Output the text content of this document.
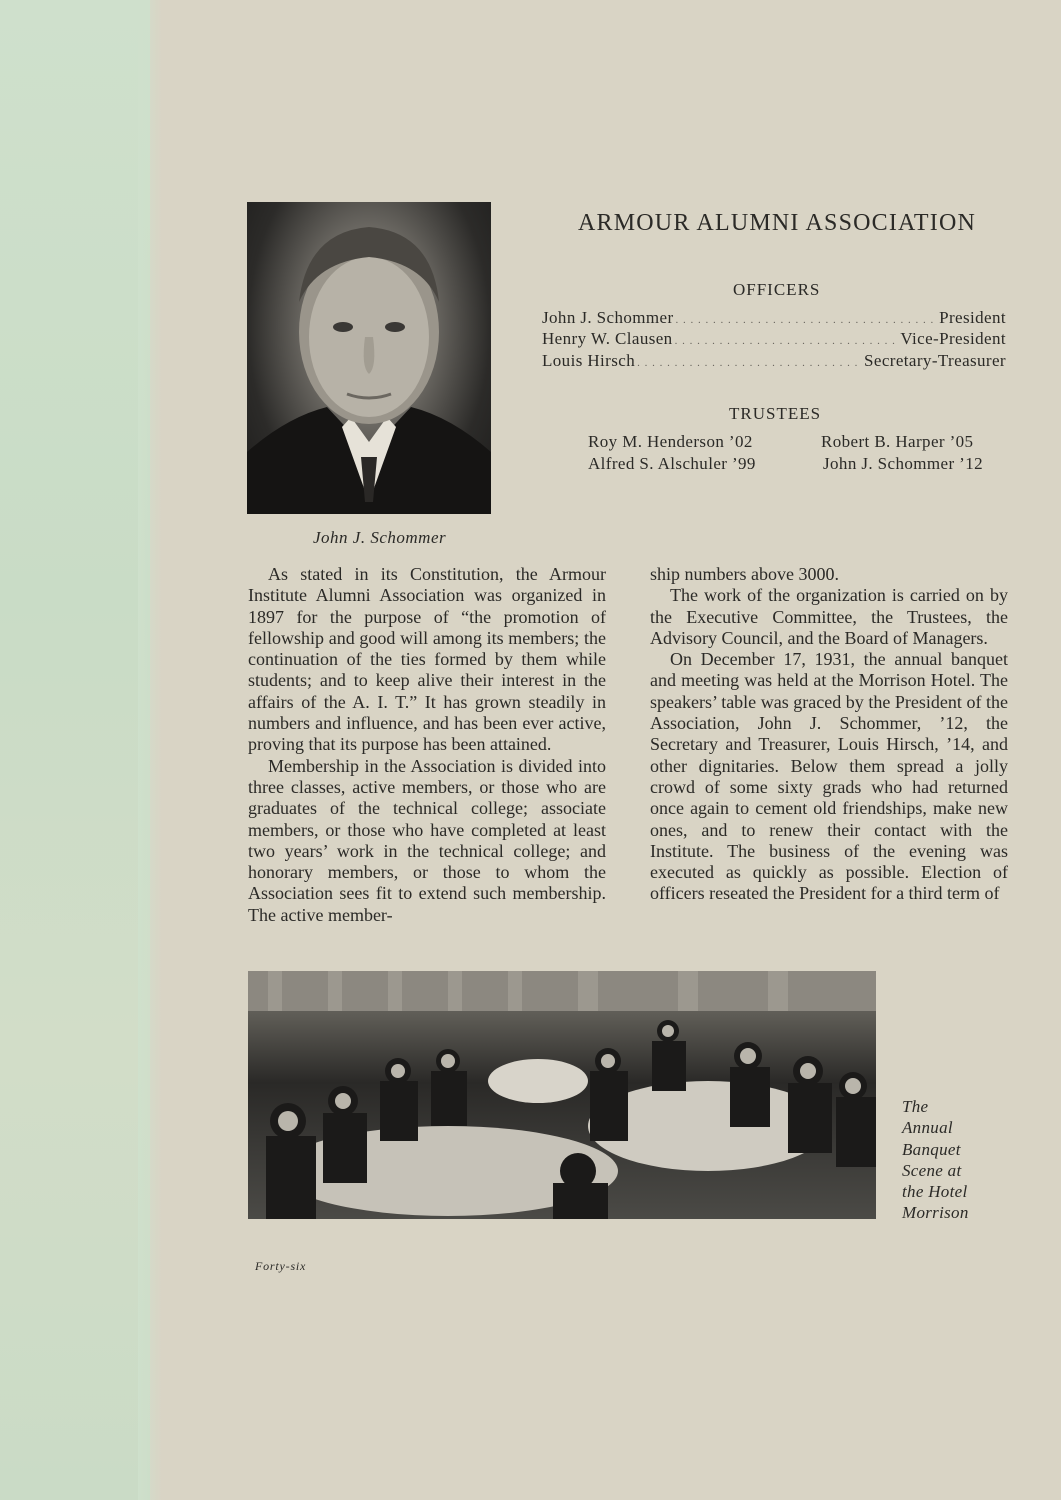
John J. Schommer
ARMOUR ALUMNI ASSOCIATION
OFFICERS
John J. Schommer . . .	President
Henry W. Clausen . . .	Vice-President
Louis Hirsch . . .	Secretary-Treasurer
TRUSTEES
Roy M. Henderson ’02	Robert B. Harper ’05
Alfred S. Alschuler ’99	John J. Schommer ’12

As stated in its Constitution, the Armour Institute Alumni Association was organized in 1897 for the purpose of “the promotion of fellowship and good will among its members; the continuation of the ties formed by them while students; and to keep alive their interest in the affairs of the A. I. T.” It has grown steadily in numbers and influence, and has been ever active, proving that its purpose has been attained.

Membership in the Association is divided into three classes, active members, or those who are graduates of the technical college; associate members, or those who have completed at least two years’ work in the technical college; and honorary members, or those to whom the Association sees fit to extend such membership. The active member-

ship numbers above 3000.

The work of the organization is carried on by the Executive Committee, the Trustees, the Advisory Council, and the Board of Managers.

On December 17, 1931, the annual banquet and meeting was held at the Morrison Hotel. The speakers’ table was graced by the President of the Association, John J. Schommer, ’12, the Secretary and Treasurer, Louis Hirsch, ’14, and other dignitaries. Below them spread a jolly crowd of some sixty grads who had returned once again to cement old friendships, make new ones, and to renew their contact with the Institute. The business of the evening was executed as quickly as possible. Election of officers reseated the President for a third term of

The
Annual
Banquet
Scene at
the Hotel
Morrison
Forty-six
